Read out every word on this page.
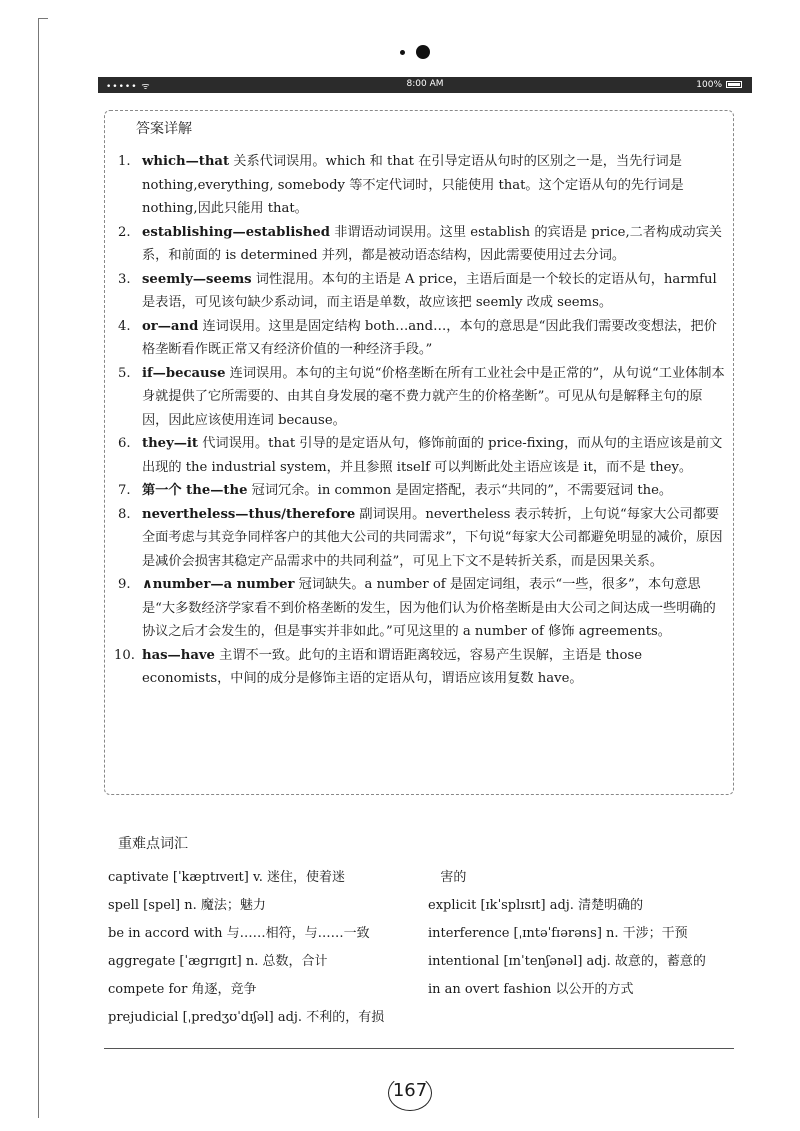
••••• ᯤ	8:00 AM	100%
答案详解
1. which—that 关系代词误用。which 和 that 在引导定语从句时的区别之一是，当先行词是 nothing,everything, somebody 等不定代词时，只能使用 that。这个定语从句的先行词是 nothing,因此只能用 that。
2. establishing—established 非谓语动词误用。这里 establish 的宾语是 price,二者构成动宾关系，和前面的 is determined 并列，都是被动语态结构，因此需要使用过去分词。
3. seemly—seems 词性混用。本句的主语是 A price，主语后面是一个较长的定语从句，harmful 是表语，可见该句缺少系动词，而主语是单数，故应该把 seemly 改成 seems。
4. or—and 连词误用。这里是固定结构 both…and…，本句的意思是“因此我们需要改变想法，把价格垄断看作既正常又有经济价值的一种经济手段。”
5. if—because 连词误用。本句的主句说“价格垄断在所有工业社会中是正常的”，从句说“工业体制本身就提供了它所需要的、由其自身发展的毫不费力就产生的价格垄断”。可见从句是解释主句的原因，因此应该使用连词 because。
6. they—it 代词误用。that 引导的是定语从句，修饰前面的 price-fixing，而从句的主语应该是前文出现的 the industrial system，并且参照 itself 可以判断此处主语应该是 it，而不是 they。
7. 第一个 the—the 冠词冗余。in common 是固定搭配，表示“共同的”，不需要冠词 the。
8. nevertheless—thus/therefore 副词误用。nevertheless 表示转折，上句说“每家大公司都要全面考虑与其竞争同样客户的其他大公司的共同需求”，下句说“每家大公司都避免明显的减价，原因是减价会损害其稳定产品需求中的共同利益”，可见上下文不是转折关系，而是因果关系。
9. ∧number—a number 冠词缺失。a number of 是固定词组，表示“一些，很多”，本句意思是“大多数经济学家看不到价格垄断的发生，因为他们认为价格垄断是由大公司之间达成一些明确的协议之后才会发生的，但是事实并非如此。”可见这里的 a number of 修饰 agreements。
10. has—have 主谓不一致。此句的主语和谓语距离较远，容易产生误解，主语是 those economists，中间的成分是修饰主语的定语从句，谓语应该用复数 have。
重难点词汇
captivate [ˈkæptɪveɪt] v. 迷住，使着迷
spell [spel] n. 魔法；魅力
be in accord with 与……相符，与……一致
aggregate [ˈægrɪgɪt] n. 总数，合计
compete for 角逐，竞争
prejudicial [ˌpredʒʊˈdɪʃəl] adj. 不利的，有损
害的
explicit [ɪkˈsplɪsɪt] adj. 清楚明确的
interference [ˌɪntəˈfɪərəns] n. 干涉；干预
intentional [ɪnˈtenʃənəl] adj. 故意的，蓄意的
in an overt fashion 以公开的方式
167
